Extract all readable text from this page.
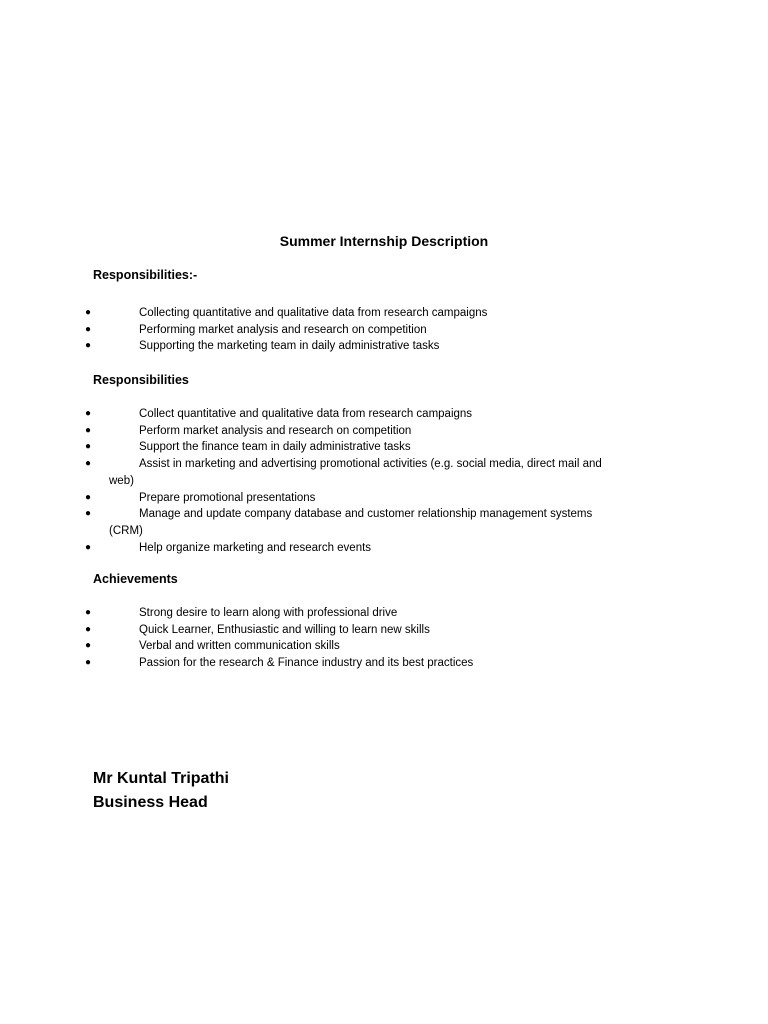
Summer Internship Description
Responsibilities:-
●	Collecting quantitative and qualitative data from research campaigns
●	Performing market analysis and research on competition
●	Supporting the marketing team in daily administrative tasks
Responsibilities
●	Collect quantitative and qualitative data from research campaigns
●	Perform market analysis and research on competition
●	Support the finance team in daily administrative tasks
●	Assist in marketing and advertising promotional activities (e.g. social media, direct mail and
web)
●	Prepare promotional presentations
●	Manage and update company database and customer relationship management systems
(CRM)
●	Help organize marketing and research events
Achievements
●	Strong desire to learn along with professional drive
●	Quick Learner, Enthusiastic and willing to learn new skills
●	Verbal and written communication skills
●	Passion for the research & Finance industry and its best practices

Mr Kuntal Tripathi

Business Head
